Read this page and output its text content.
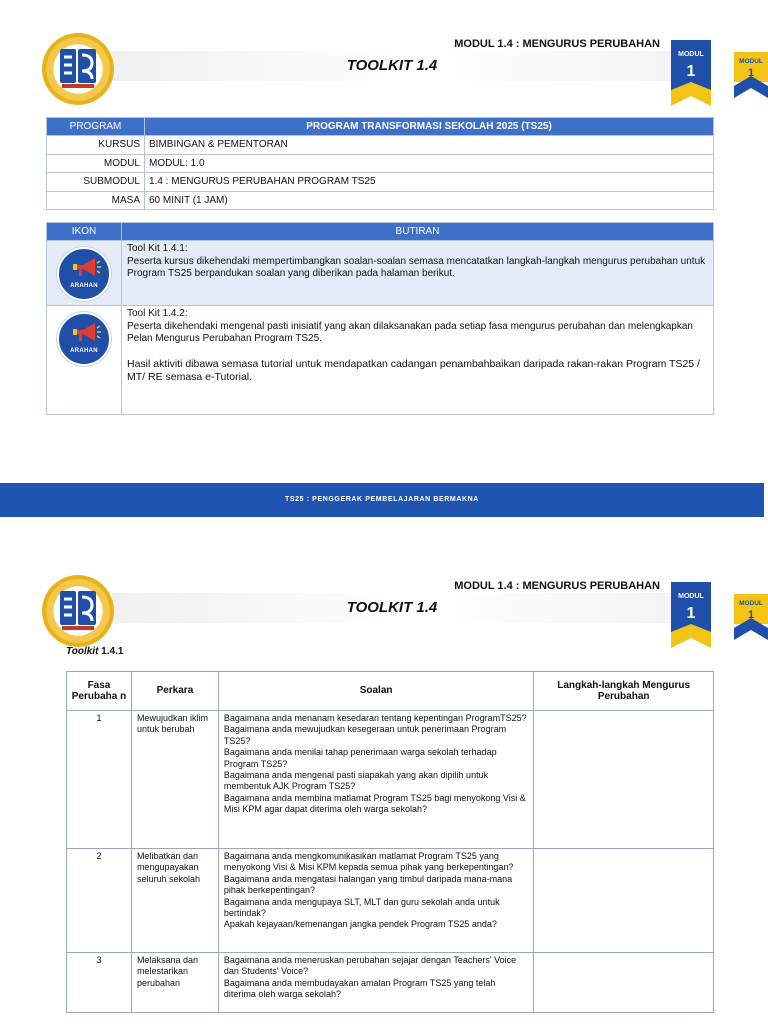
MODUL 1.4 : MENGURUS PERUBAHAN
TOOLKIT 1.4
MODUL
1
MODUL
1
PROGRAM	PROGRAM TRANSFORMASI SEKOLAH 2025 (TS25)
KURSUS	BIMBINGAN & PEMENTORAN
MODUL	MODUL: 1.0
SUBMODUL	1.4 : MENGURUS PERUBAHAN PROGRAM TS25
MASA	60 MINIT (1 JAM)
IKON	BUTIRAN

ARAHAN	Tool Kit 1.4.1:
Peserta kursus dikehendaki mempertimbangkan soalan-soalan semasa mencatatkan langkah-langkah mengurus perubahan untuk Program TS25 berpandukan soalan yang diberikan pada halaman berikut.

ARAHAN	Tool Kit 1.4.2:
Peserta dikehendaki mengenal pasti inisiatif yang akan dilaksanakan pada setiap fasa mengurus perubahan dan melengkapkan Pelan Mengurus Perubahan Program TS25.
Hasil aktiviti dibawa semasa tutorial untuk mendapatkan cadangan penambahbaikan daripada rakan-rakan Program TS25 / MT/ RE semasa e-Tutorial.
TS25 : PENGGERAK PEMBELAJARAN BERMAKNA
MODUL 1.4 : MENGURUS PERUBAHAN
TOOLKIT 1.4
MODUL
1
MODUL
1
Toolkit 1.4.1
Fasa Perubaha n	Perkara	Soalan	Langkah-langkah Mengurus Perubahan
1	Mewujudkan iklim untuk berubah	Bagaimana anda menanam kesedaran tentang kepentingan ProgramTS25?
Bagaimana anda mewujudkan kesegeraan untuk penerimaan Program TS25?
Bagaimana anda menilai tahap penerimaan warga sekolah terhadap Program TS25?
Bagaimana anda mengenal pasti siapakah yang akan dipilih untuk membentuk AJK Program TS25?
Bagaimana anda membina matlamat Program TS25 bagi menyokong Visi & Misi KPM agar dapat diterima oleh warga sekolah?	

2	Melibatkan dan mengupayakan seluruh sekolah	Bagaimana anda mengkomunikasikan matlamat Program TS25 yang menyokong Visi & Misi KPM kepada semua pihak yang berkepentingan?
Bagaimana anda mengatasi halangan yang timbul daripada mana-mana pihak berkepentingan?
Bagaimana anda mengupaya SLT, MLT dan guru sekolah anda untuk bertindak?
Apakah kejayaan/kemenangan jangka pendek Program TS25 anda?	

3	Melaksana dan melestarikan perubahan	Bagaimana anda meneruskan perubahan sejajar dengan Teachers' Voice dan Students' Voice?
Bagaimana anda membudayakan amalan Program TS25 yang telah diterima oleh warga sekolah?	
